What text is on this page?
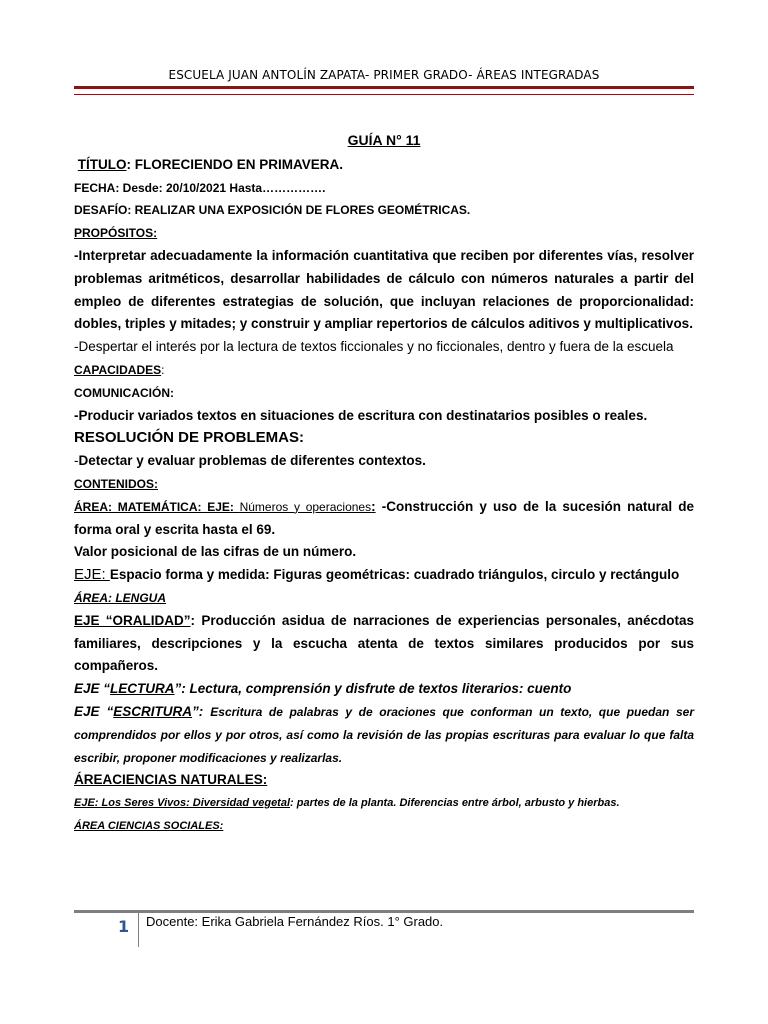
ESCUELA JUAN ANTOLÍN ZAPATA- PRIMER GRADO- ÁREAS INTEGRADAS
GUÍA N° 11
TÍTULO: FLORECIENDO EN PRIMAVERA.
FECHA: Desde: 20/10/2021 Hasta…………….
DESAFÍO: REALIZAR UNA EXPOSICIÓN DE FLORES GEOMÉTRICAS.
PROPÓSITOS:
-Interpretar adecuadamente la información cuantitativa que reciben por diferentes vías, resolver problemas aritméticos, desarrollar habilidades de cálculo con números naturales a partir del empleo de diferentes estrategias de solución, que incluyan relaciones de proporcionalidad: dobles, triples y mitades; y construir y ampliar repertorios de cálculos aditivos y multiplicativos.
-Despertar el interés por la lectura de textos ficcionales y no ficcionales, dentro y fuera de la escuela
CAPACIDADES:
COMUNICACIÓN:
-Producir variados textos en situaciones de escritura con destinatarios posibles o reales.
RESOLUCIÓN DE PROBLEMAS:
-Detectar y evaluar problemas de diferentes contextos.
CONTENIDOS:
ÁREA: MATEMÁTICA: EJE: Números y operaciones: -Construcción y uso de la sucesión natural de forma oral y escrita hasta el 69.
Valor posicional de las cifras de un número.
EJE: Espacio forma y medida: Figuras geométricas: cuadrado triángulos, circulo y rectángulo
ÁREA: LENGUA
EJE “ORALIDAD”: Producción asidua de narraciones de experiencias personales, anécdotas familiares, descripciones y la escucha atenta de textos similares producidos por sus compañeros.
EJE “LECTURA”: Lectura, comprensión y disfrute de textos literarios: cuento
EJE “ESCRITURA”: Escritura de palabras y de oraciones que conforman un texto, que puedan ser comprendidos por ellos y por otros, así como la revisión de las propias escrituras para evaluar lo que falta escribir, proponer modificaciones y realizarlas.
ÁREACIENCIAS NATURALES:
EJE: Los Seres Vivos: Diversidad vegetal: partes de la planta. Diferencias entre árbol, arbusto y hierbas.
ÁREA CIENCIAS SOCIALES:
1 Docente: Erika Gabriela Fernández Ríos. 1° Grado.
